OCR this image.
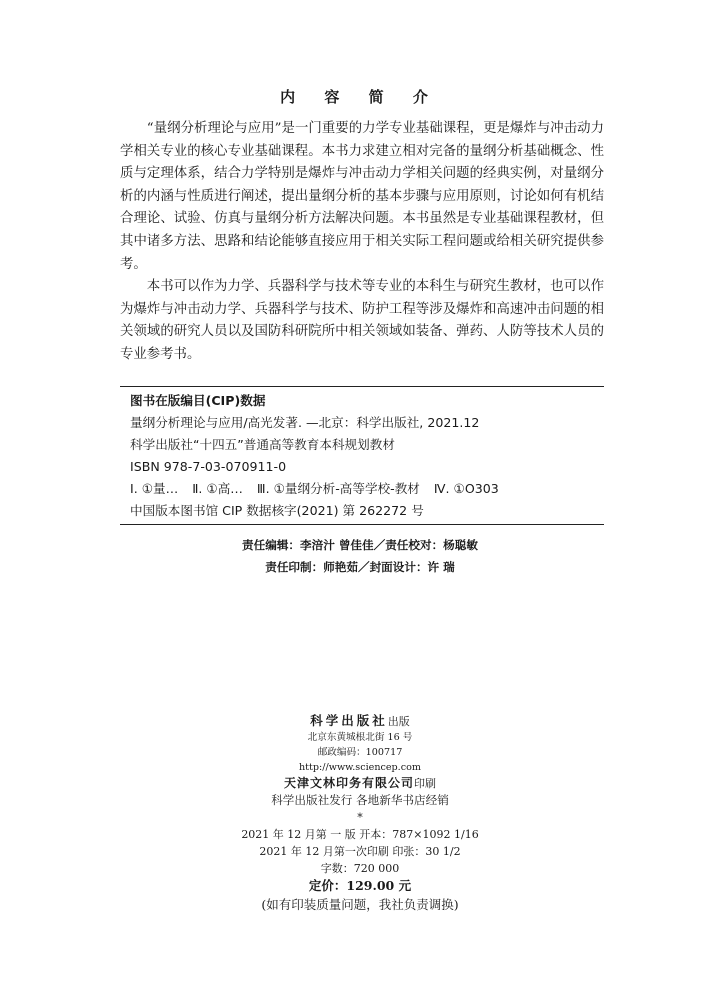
内 容 简 介

“量纲分析理论与应用”是一门重要的力学专业基础课程，更是爆炸与冲击动力学相关专业的核心专业基础课程。本书力求建立相对完备的量纲分析基础概念、性质与定理体系，结合力学特别是爆炸与冲击动力学相关问题的经典实例，对量纲分析的内涵与性质进行阐述，提出量纲分析的基本步骤与应用原则，讨论如何有机结合理论、试验、仿真与量纲分析方法解决问题。本书虽然是专业基础课程教材，但其中诸多方法、思路和结论能够直接应用于相关实际工程问题或给相关研究提供参考。

本书可以作为力学、兵器科学与技术等专业的本科生与研究生教材，也可以作为爆炸与冲击动力学、兵器科学与技术、防护工程等涉及爆炸和高速冲击问题的相关领域的研究人员以及国防科研院所中相关领域如装备、弹药、人防等技术人员的专业参考书。

图书在版编目(CIP)数据
量纲分析理论与应用/高光发著. —北京：科学出版社, 2021.12
科学出版社“十四五”普通高等教育本科规划教材
ISBN 978-7-03-070911-0
Ⅰ. ①量… Ⅱ. ①高… Ⅲ. ①量纲分析-高等学校-教材 Ⅳ. ①O303
中国版本图书馆 CIP 数据核字(2021) 第 262272 号
责任编辑：李涪汁 曾佳佳／责任校对：杨聪敏
责任印制：师艳茹／封面设计：许 瑞
科学出版社出版
北京东黄城根北街 16 号
邮政编码：100717
http://www.sciencep.com
天津文林印务有限公司印刷
科学出版社发行 各地新华书店经销
*
2021 年 12 月第 一 版 开本：787×1092 1/16
2021 年 12 月第一次印刷 印张：30 1/2
字数：720 000
定价：129.00 元
(如有印装质量问题，我社负责调换)
